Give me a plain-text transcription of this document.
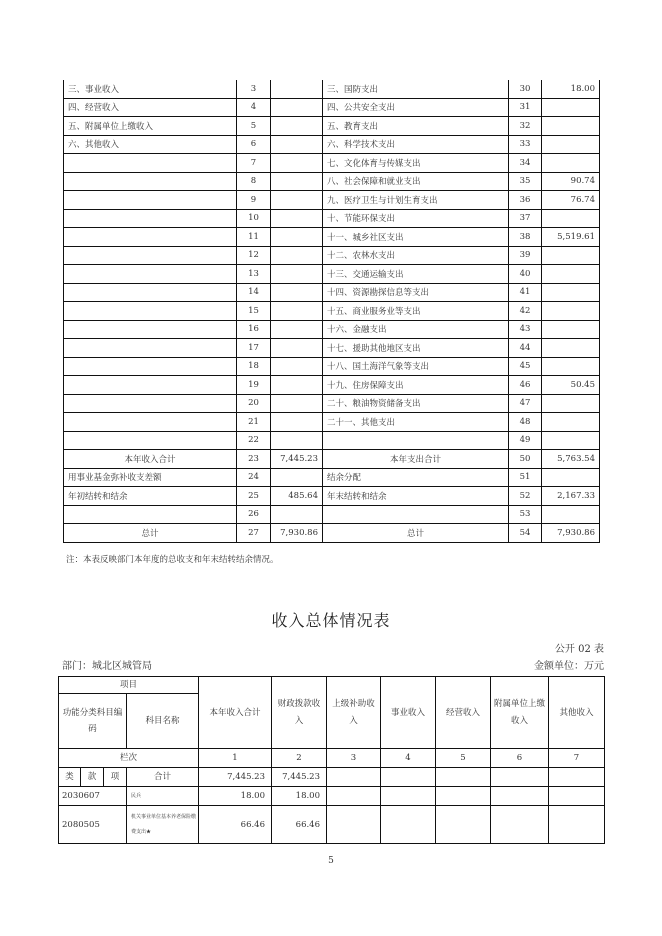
三、事业收入	3		三、国防支出	30	18.00
四、经营收入	4		四、公共安全支出	31	
五、附属单位上缴收入	5		五、教育支出	32	
六、其他收入	6		六、科学技术支出	33	
	7		七、文化体育与传媒支出	34	
	8		八、社会保障和就业支出	35	90.74
	9		九、医疗卫生与计划生育支出	36	76.74
	10		十、节能环保支出	37	
	11		十一、城乡社区支出	38	5,519.61
	12		十二、农林水支出	39	
	13		十三、交通运输支出	40	
	14		十四、资源勘探信息等支出	41	
	15		十五、商业服务业等支出	42	
	16		十六、金融支出	43	
	17		十七、援助其他地区支出	44	
	18		十八、国土海洋气象等支出	45	
	19		十九、住房保障支出	46	50.45
	20		二十、粮油物资储备支出	47	
	21		二十一、其他支出	48	
	22			49	
本年收入合计	23	7,445.23	本年支出合计	50	5,763.54
用事业基金弥补收支差额	24		结余分配	51	
年初结转和结余	25	485.64	年末结转和结余	52	2,167.33
	26			53	
总计	27	7,930.86	总计	54	7,930.86
注：本表反映部门本年度的总收支和年末结转结余情况。
收入总体情况表
公开 02 表
部门：城北区城管局	金额单位：万元
项目				本年收入合计	财政拨款收入	上级补助收入	事业收入	经营收入	附属单位上缴收入	其他收入
功能分类科目编码			科目名称							
栏次				1	2	3	4	5	6	7
类	款	项	合计	7,445.23	7,445.23					
2030607			民兵	18.00	18.00					
2080505			机关事业单位基本养老保险缴费支出★	66.46	66.46					
5
